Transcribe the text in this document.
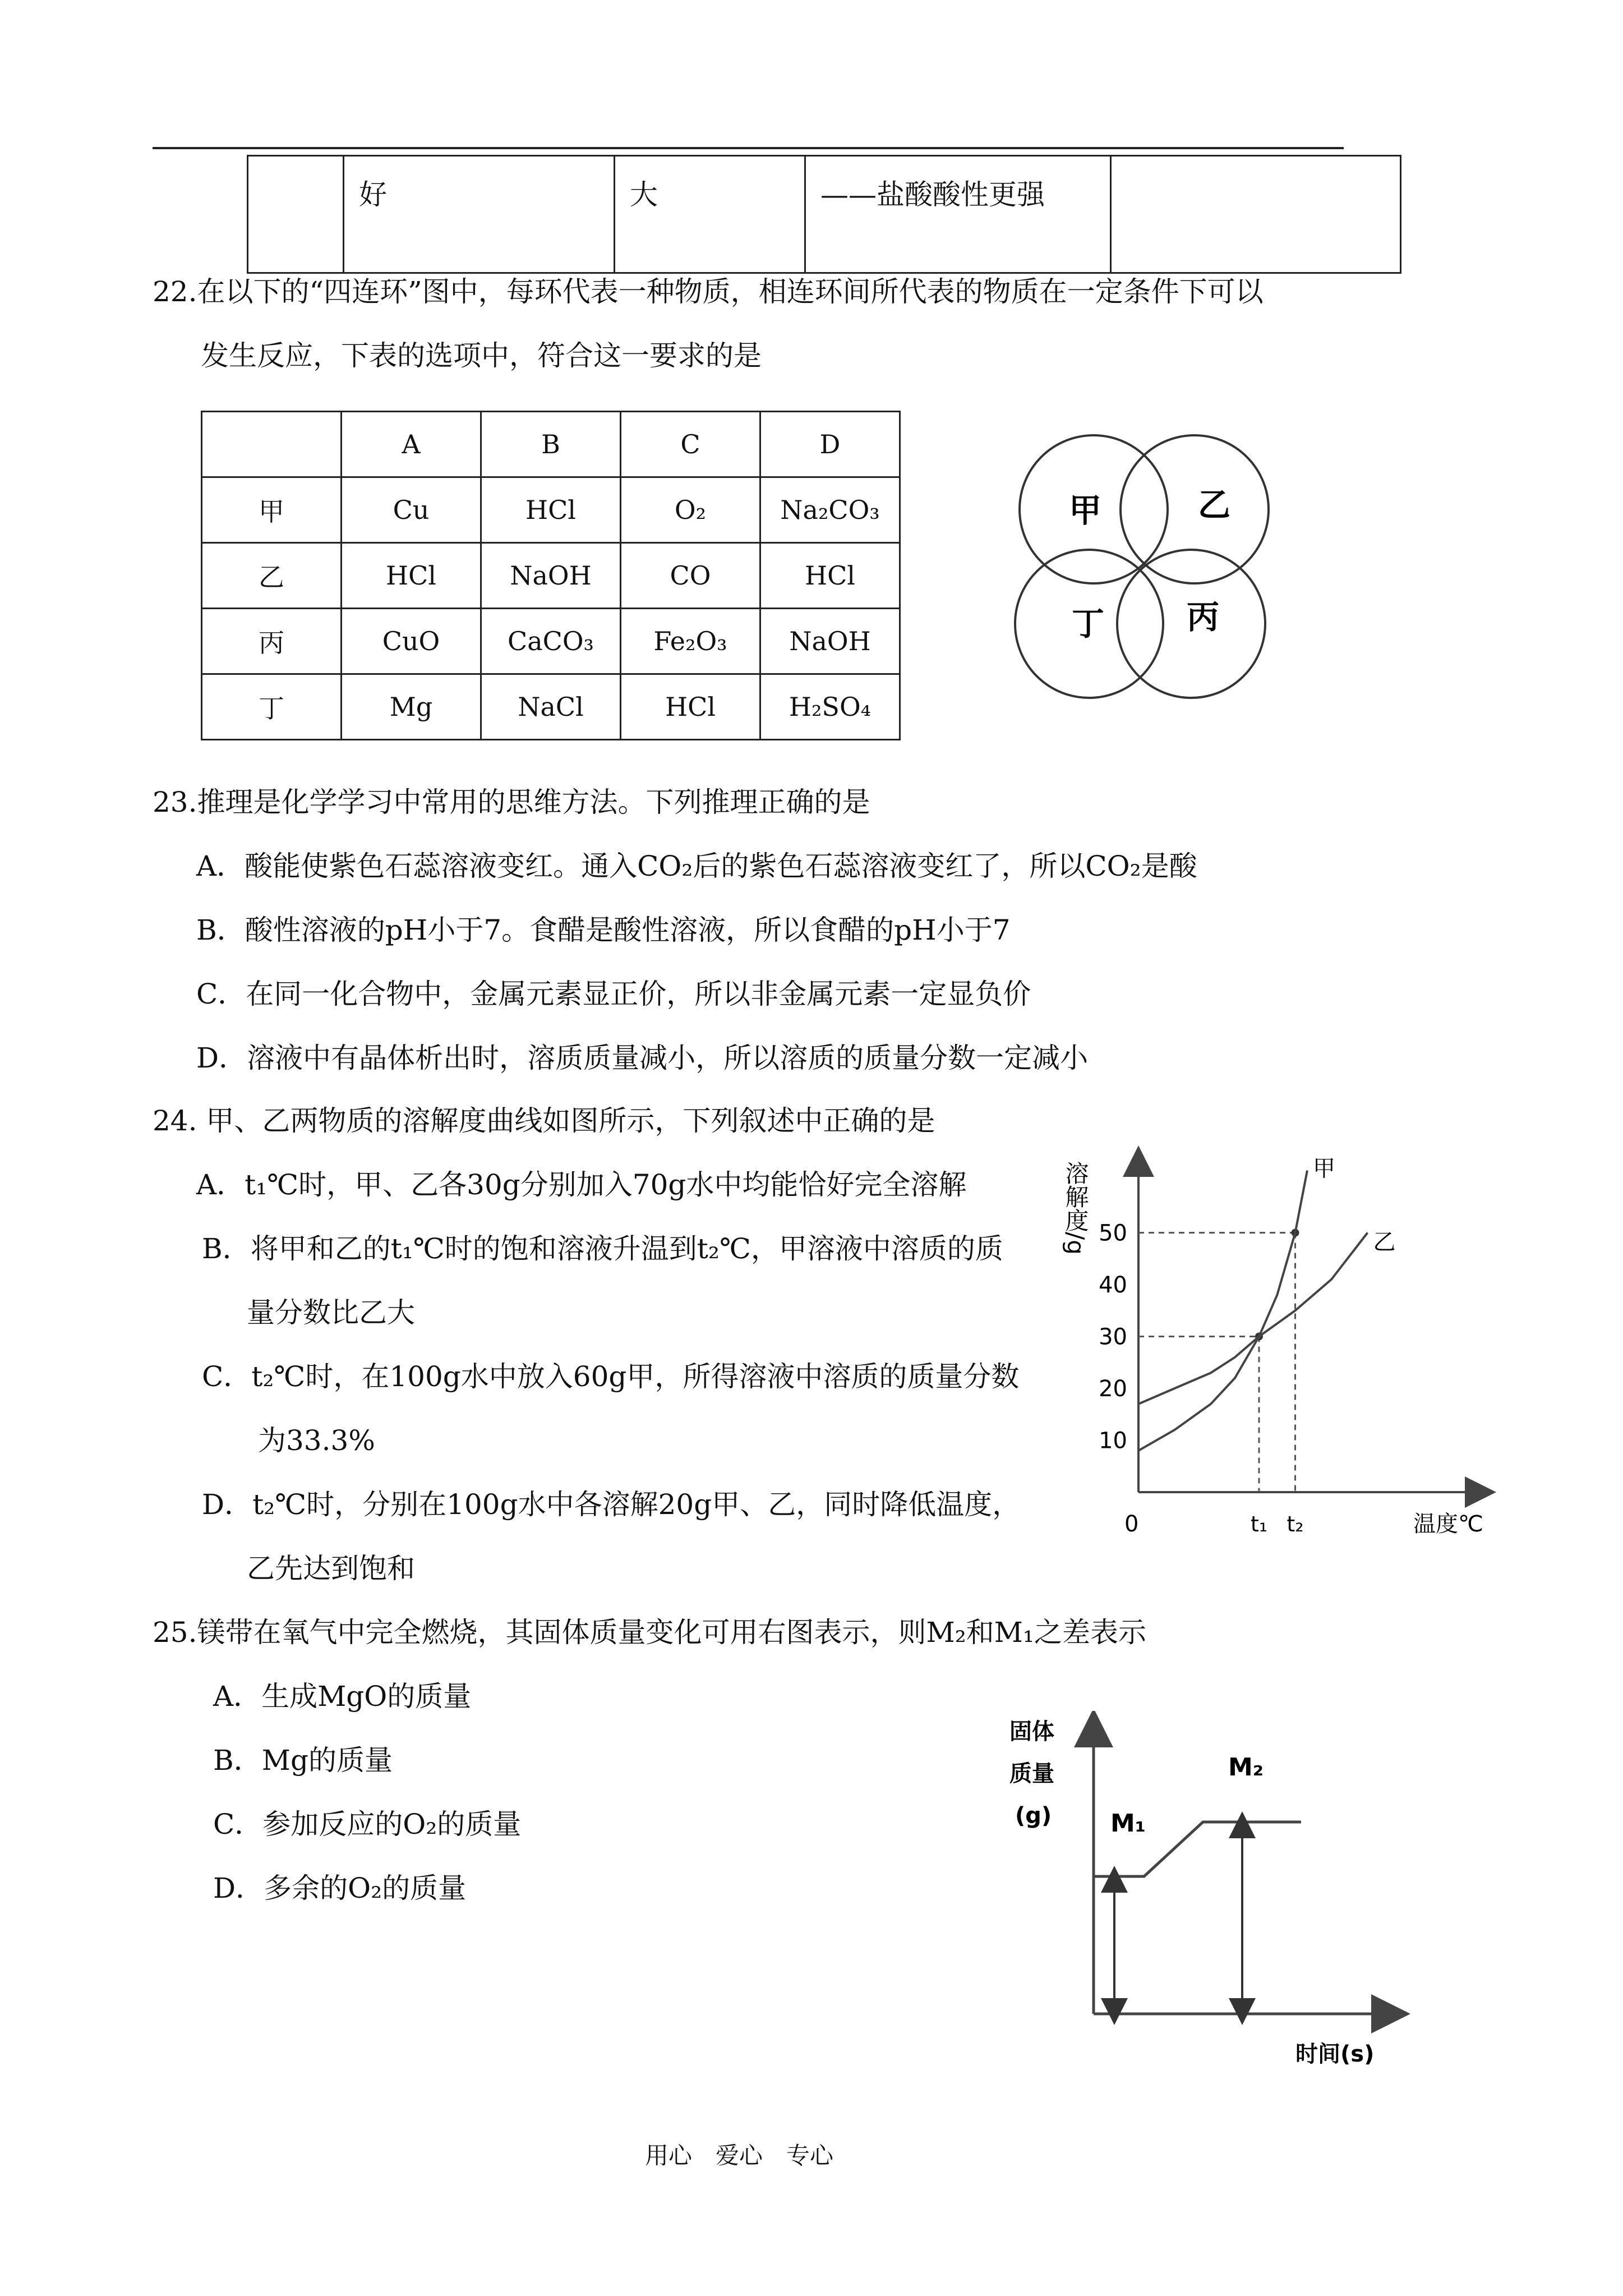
	好	大	——盐酸酸性更强	
22.在以下的“四连环”图中，每环代表一种物质，相连环间所代表的物质在一定条件下可以
发生反应，下表的选项中，符合这一要求的是
	A	B	C	D
甲	Cu	HCl	O₂	Na₂CO₃
乙	HCl	NaOH	CO	HCl
丙	CuO	CaCO₃	Fe₂O₃	NaOH
丁	Mg	NaCl	HCl	H₂SO₄
甲	乙
丁	丙
23.推理是化学学习中常用的思维方法。下列推理正确的是
A．酸能使紫色石蕊溶液变红。通入CO₂后的紫色石蕊溶液变红了，所以CO₂是酸
B．酸性溶液的pH小于7。食醋是酸性溶液，所以食醋的pH小于7
C．在同一化合物中，金属元素显正价，所以非金属元素一定显负价
D．溶液中有晶体析出时，溶质质量减小，所以溶质的质量分数一定减小
24. 甲、乙两物质的溶解度曲线如图所示，下列叙述中正确的是
A．t₁℃时，甲、乙各30g分别加入70g水中均能恰好完全溶解
B．将甲和乙的t₁℃时的饱和溶液升温到t₂℃，甲溶液中溶质的质
量分数比乙大
C．t₂℃时，在100g水中放入60g甲，所得溶液中溶质的质量分数
为33.3%
D．t₂℃时，分别在100g水中各溶解20g甲、乙，同时降低温度，
乙先达到饱和
溶解度/g
温度℃
0	t₁ t₂
10
20
30
40
50
甲
乙
25.镁带在氧气中完全燃烧，其固体质量变化可用右图表示，则M₂和M₁之差表示
A．生成MgO的质量
B．Mg的质量
C．参加反应的O₂的质量
D．多余的O₂的质量
固体
质量
(g)
时间(s)
M₁
M₂
用心　爱心　专心
